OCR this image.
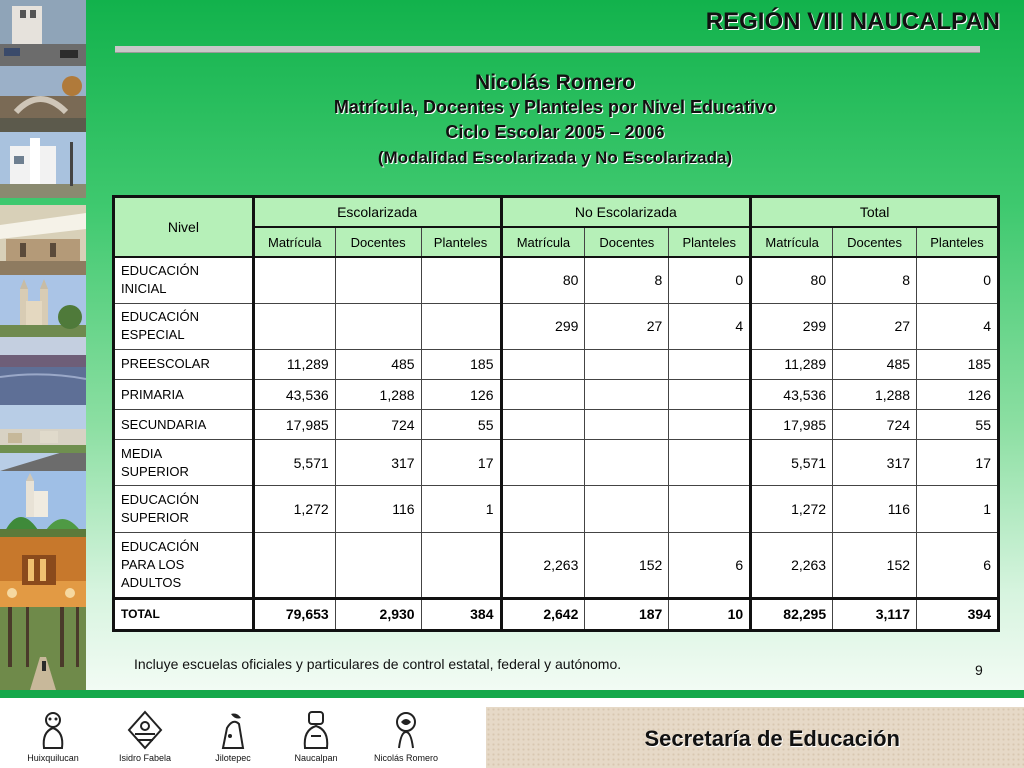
REGIÓN VIII NAUCALPAN
Nicolás Romero
Matrícula, Docentes y Planteles por Nivel Educativo
Ciclo Escolar 2005 – 2006
(Modalidad Escolarizada y No Escolarizada)
Nivel	Escolarizada			No Escolarizada			Total		
	Matrícula	Docentes	Planteles	Matrícula	Docentes	Planteles	Matrícula	Docentes	Planteles

EDUCACIÓN
INICIAL				80	8	0	80	8	0

EDUCACIÓN
ESPECIAL				299	27	4	299	27	4

PREESCOLAR	11,289	485	185				11,289	485	185

PRIMARIA	43,536	1,288	126				43,536	1,288	126

SECUNDARIA	17,985	724	55				17,985	724	55

MEDIA
SUPERIOR	5,571	317	17				5,571	317	17

EDUCACIÓN
SUPERIOR	1,272	116	1				1,272	116	1

EDUCACIÓN
PARA LOS
ADULTOS				2,263	152	6	2,263	152	6

TOTAL	79,653	2,930	384	2,642	187	10	82,295	3,117	394

Incluye escuelas oficiales y particulares de control estatal, federal y autónomo.	9
Secretaría de Educación
Huixquilucan	Isidro Fabela	Jilotepec	Naucalpan	Nicolás Romero
